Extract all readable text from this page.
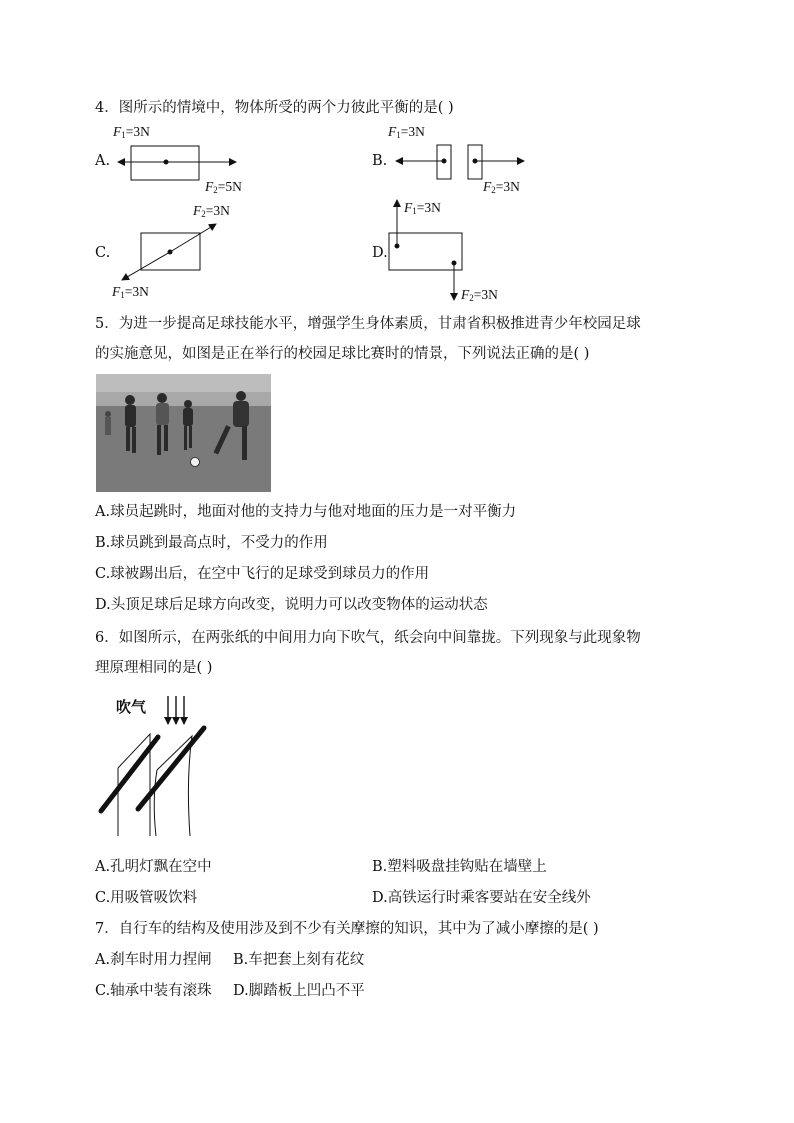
4．图所示的情境中，物体所受的两个力彼此平衡的是( )
A.	B.
C.	D.
$F_1=3N$
$F_2=5N$
$F_1=3N$
$F_2=3N$
$F_2=3N$
$F_1=3N$
$F_1=3N$
$F_2=3N$
5．为进一步提高足球技能水平，增强学生身体素质，甘肃省积极推进青少年校园足球
的实施意见，如图是正在举行的校园足球比赛时的情景，下列说法正确的是( )
A.球员起跳时，地面对他的支持力与他对地面的压力是一对平衡力
B.球员跳到最高点时，不受力的作用
C.球被踢出后，在空中飞行的足球受到球员力的作用
D.头顶足球后足球方向改变，说明力可以改变物体的运动状态
6．如图所示，在两张纸的中间用力向下吹气，纸会向中间靠拢。下列现象与此现象物
理原理相同的是( )
吹气
A.孔明灯飘在空中	B.塑料吸盘挂钩贴在墙壁上
C.用吸管吸饮料	D.高铁运行时乘客要站在安全线外
7．自行车的结构及使用涉及到不少有关摩擦的知识，其中为了减小摩擦的是( )
A.刹车时用力捏闸 B.车把套上刻有花纹
C.轴承中装有滚珠 D.脚踏板上凹凸不平
